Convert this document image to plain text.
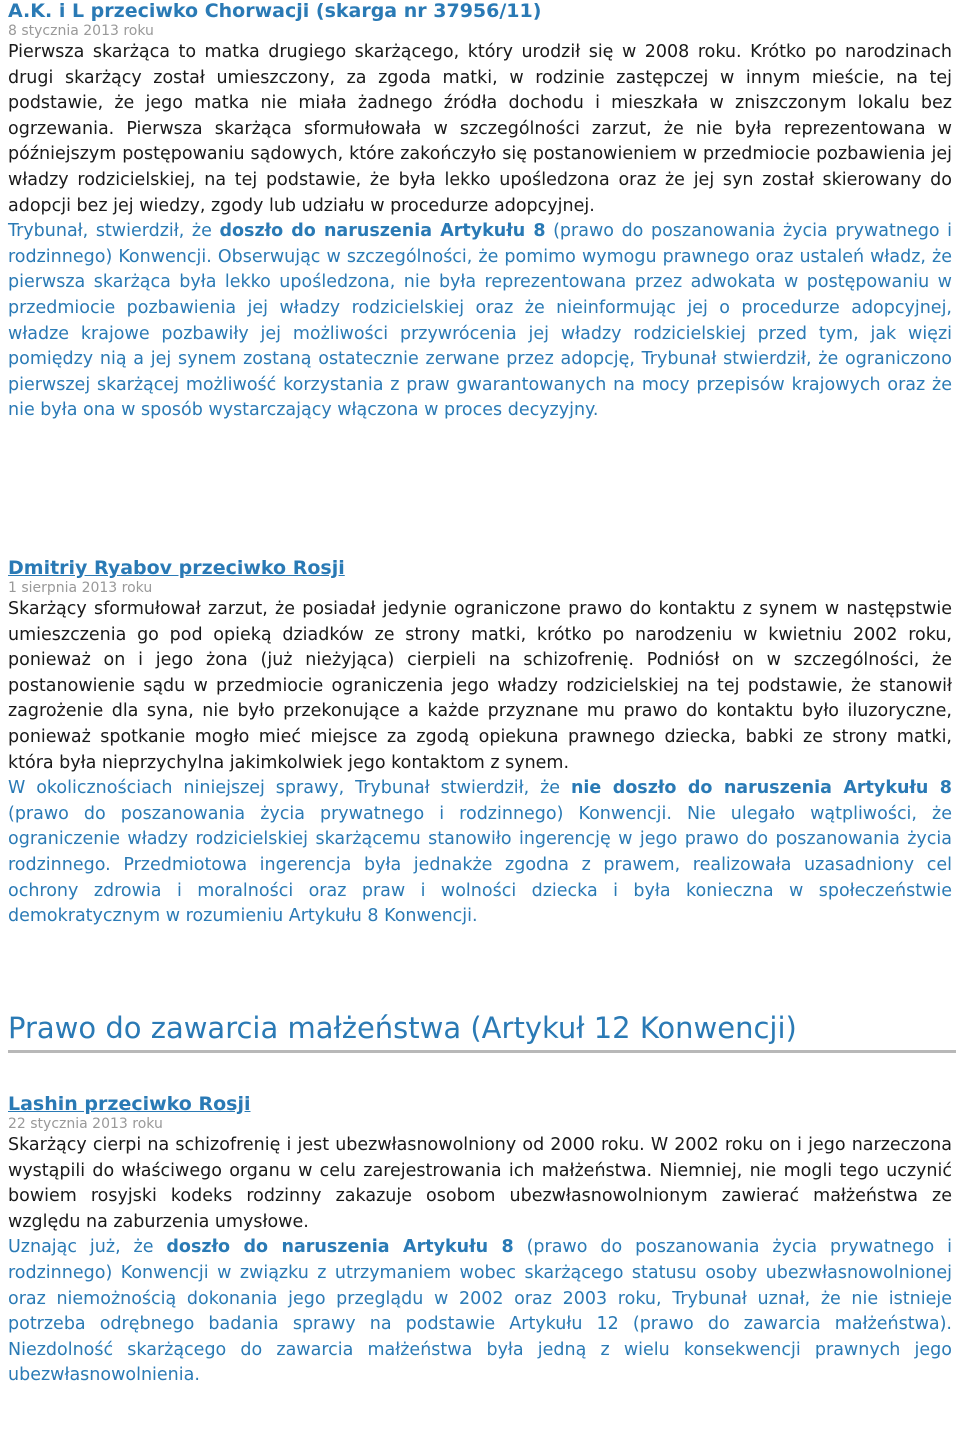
A.K. i L przeciwko Chorwacji (skarga nr 37956/11)
8 stycznia 2013 roku

Pierwsza skarżąca to matka drugiego skarżącego, który urodził się w 2008 roku. Krótko po narodzinach drugi skarżący został umieszczony, za zgoda matki, w rodzinie zastępczej w innym mieście, na tej podstawie, że jego matka nie miała żadnego źródła dochodu i mieszkała w zniszczonym lokalu bez ogrzewania. Pierwsza skarżąca sformułowała w szczególności zarzut, że nie była reprezentowana w późniejszym postępowaniu sądowych, które zakończyło się postanowieniem w przedmiocie pozbawienia jej władzy rodzicielskiej, na tej podstawie, że była lekko upośledzona oraz że jej syn został skierowany do adopcji bez jej wiedzy, zgody lub udziału w procedurze adopcyjnej.

Trybunał, stwierdził, że doszło do naruszenia Artykułu 8 (prawo do poszanowania życia prywatnego i rodzinnego) Konwencji. Obserwując w szczególności, że pomimo wymogu prawnego oraz ustaleń władz, że pierwsza skarżąca była lekko upośledzona, nie była reprezentowana przez adwokata w postępowaniu w przedmiocie pozbawienia jej władzy rodzicielskiej oraz że nieinformując jej o procedurze adopcyjnej, władze krajowe pozbawiły jej możliwości przywrócenia jej władzy rodzicielskiej przed tym, jak więzi pomiędzy nią a jej synem zostaną ostatecznie zerwane przez adopcję, Trybunał stwierdził, że ograniczono pierwszej skarżącej możliwość korzystania z praw gwarantowanych na mocy przepisów krajowych oraz że nie była ona w sposób wystarczający włączona w proces decyzyjny.

Dmitriy Ryabov przeciwko Rosji
1 sierpnia 2013 roku

Skarżący sformułował zarzut, że posiadał jedynie ograniczone prawo do kontaktu z synem w następstwie umieszczenia go pod opieką dziadków ze strony matki, krótko po narodzeniu w kwietniu 2002 roku, ponieważ on i jego żona (już nieżyjąca) cierpieli na schizofrenię. Podniósł on w szczególności, że postanowienie sądu w przedmiocie ograniczenia jego władzy rodzicielskiej na tej podstawie, że stanowił zagrożenie dla syna, nie było przekonujące a każde przyznane mu prawo do kontaktu było iluzoryczne, ponieważ spotkanie mogło mieć miejsce za zgodą opiekuna prawnego dziecka, babki ze strony matki, która była nieprzychylna jakimkolwiek jego kontaktom z synem.

W okolicznościach niniejszej sprawy, Trybunał stwierdził, że nie doszło do naruszenia Artykułu 8 (prawo do poszanowania życia prywatnego i rodzinnego) Konwencji. Nie ulegało wątpliwości, że ograniczenie władzy rodzicielskiej skarżącemu stanowiło ingerencję w jego prawo do poszanowania życia rodzinnego. Przedmiotowa ingerencja była jednakże zgodna z prawem, realizowała uzasadniony cel ochrony zdrowia i moralności oraz praw i wolności dziecka i była konieczna w społeczeństwie demokratycznym w rozumieniu Artykułu 8 Konwencji.

Prawo do zawarcia małżeństwa (Artykuł 12 Konwencji)
Lashin przeciwko Rosji
22 stycznia 2013 roku

Skarżący cierpi na schizofrenię i jest ubezwłasnowolniony od 2000 roku. W 2002 roku on i jego narzeczona wystąpili do właściwego organu w celu zarejestrowania ich małżeństwa. Niemniej, nie mogli tego uczynić bowiem rosyjski kodeks rodzinny zakazuje osobom ubezwłasnowolnionym zawierać małżeństwa ze względu na zaburzenia umysłowe.

Uznając już, że doszło do naruszenia Artykułu 8 (prawo do poszanowania życia prywatnego i rodzinnego) Konwencji w związku z utrzymaniem wobec skarżącego statusu osoby ubezwłasnowolnionej oraz niemożnością dokonania jego przeglądu w 2002 oraz 2003 roku, Trybunał uznał, że nie istnieje potrzeba odrębnego badania sprawy na podstawie Artykułu 12 (prawo do zawarcia małżeństwa). Niezdolność skarżącego do zawarcia małżeństwa była jedną z wielu konsekwencji prawnych jego ubezwłasnowolnienia.
